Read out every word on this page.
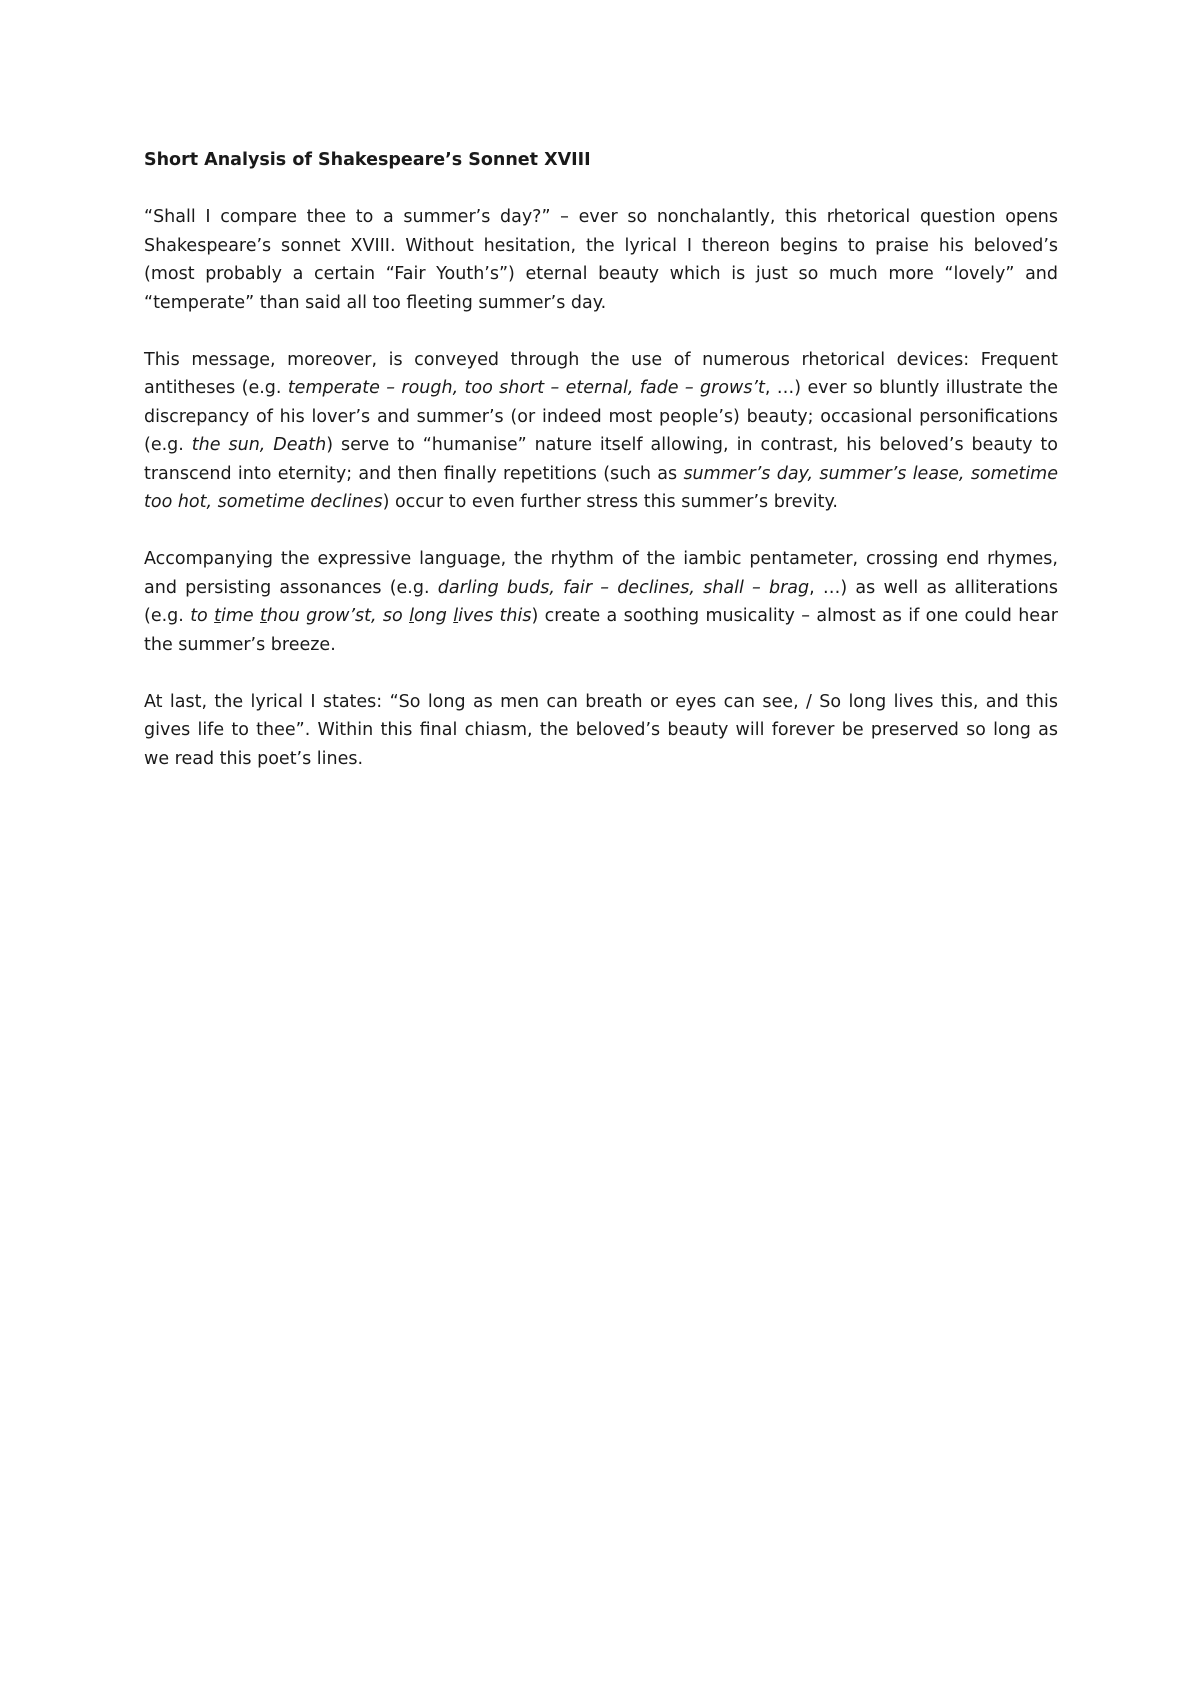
Short Analysis of Shakespeare’s Sonnet XVIII

“Shall I compare thee to a summer’s day?” – ever so nonchalantly, this rhetorical question opens Shakespeare’s sonnet XVIII. Without hesitation, the lyrical I thereon begins to praise his beloved’s (most probably a certain “Fair Youth’s”) eternal beauty which is just so much more “lovely” and “temperate” than said all too fleeting summer’s day.

This message, moreover, is conveyed through the use of numerous rhetorical devices: Frequent antitheses (e.g. temperate – rough, too short – eternal, fade – grows’t, …) ever so bluntly illustrate the discrepancy of his lover’s and summer’s (or indeed most people’s) beauty; occasional personifications (e.g. the sun, Death) serve to “humanise” nature itself allowing, in contrast, his beloved’s beauty to transcend into eternity; and then finally repetitions (such as summer’s day, summer’s lease, sometime too hot, sometime declines) occur to even further stress this summer’s brevity.

Accompanying the expressive language, the rhythm of the iambic pentameter, crossing end rhymes, and persisting assonances (e.g. darling buds, fair – declines, shall – brag, …) as well as alliterations (e.g. to time thou grow’st, so long lives this) create a soothing musicality – almost as if one could hear the summer’s breeze.

At last, the lyrical I states: “So long as men can breath or eyes can see, / So long lives this, and this gives life to thee”. Within this final chiasm, the beloved’s beauty will forever be preserved so long as we read this poet’s lines.
